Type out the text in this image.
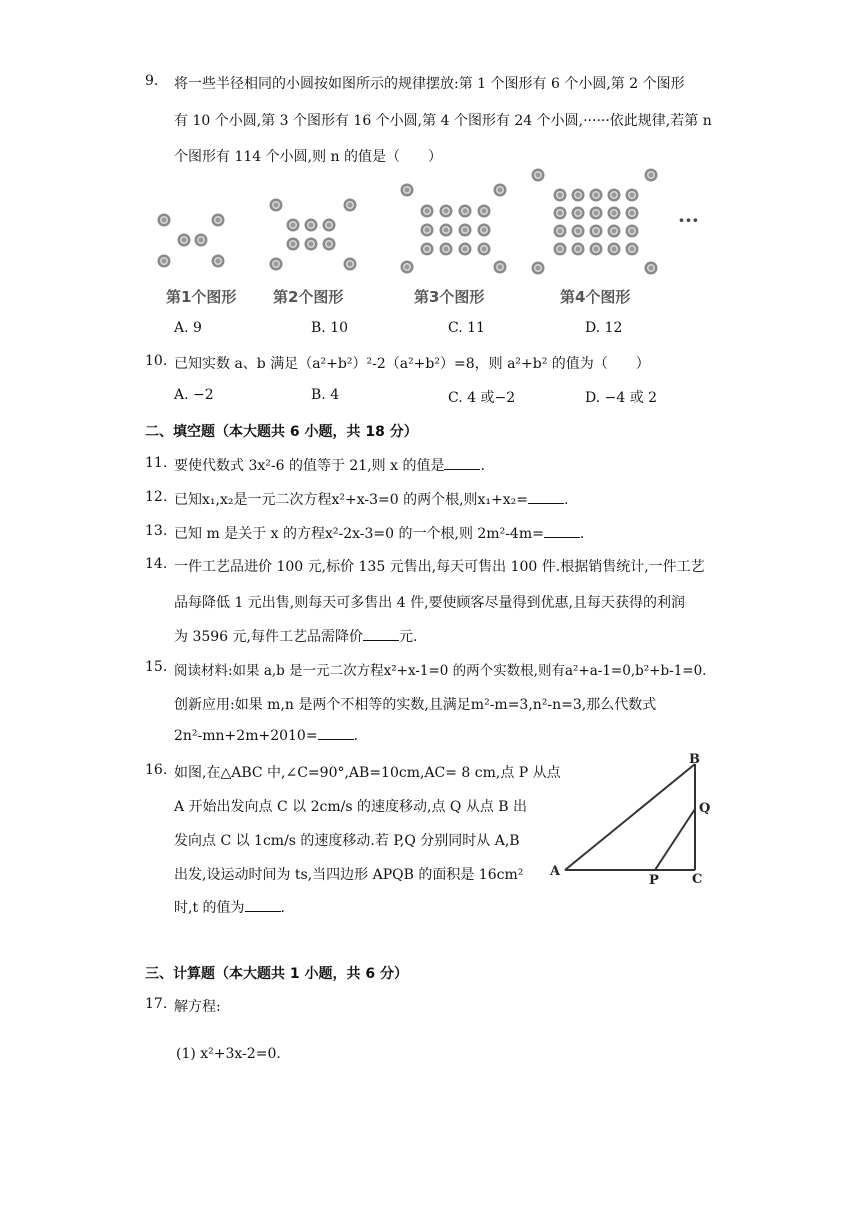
9. 将一些半径相同的小圆按如图所示的规律摆放:第 1 个图形有 6 个小圆,第 2 个图形
有 10 个小圆,第 3 个图形有 16 个小圆,第 4 个图形有 24 个小圆,······依此规律,若第 n
个图形有 114 个小圆,则 n 的值是（　　）
···
第1个图形 第2个图形	第3个图形	第4个图形
A. 9	B. 10	C. 11	D. 12
10. 已知实数 a、b 满足（a²+b²）²-2（a²+b²）=8，则 a²+b² 的值为（　　）
A. −2	B. 4	C. 4 或−2	D. −4 或 2
二、填空题（本大题共 6 小题，共 18 分）
11. 要使代数式 3x²-6 的值等于 21,则 x 的值是	.
12. 已知x₁,x₂是一元二次方程x²+x-3=0 的两个根,则x₁+x₂=	.
13. 已知 m 是关于 x 的方程x²-2x-3=0 的一个根,则 2m²-4m=	.
14. 一件工艺品进价 100 元,标价 135 元售出,每天可售出 100 件.根据销售统计,一件工艺
品每降低 1 元出售,则每天可多售出 4 件,要使顾客尽量得到优惠,且每天获得的利润
为 3596 元,每件工艺品需降价	元.
15. 阅读材料:如果 a,b 是一元二次方程x²+x-1=0 的两个实数根,则有a²+a-1=0,b²+b-1=0.
创新应用:如果 m,n 是两个不相等的实数,且满足m²-m=3,n²-n=3,那么代数式
2n²-mn+2m+2010=	.
16. 如图,在△ABC 中,∠C=90°,AB=10cm,AC= 8 cm,点 P 从点
A 开始出发向点 C 以 2cm/s 的速度移动,点 Q 从点 B 出
发向点 C 以 1cm/s 的速度移动.若 P,Q 分别同时从 A,B
出发,设运动时间为 ts,当四边形 APQB 的面积是 16cm²
时,t 的值为	.
A
B
C
P
Q
三、计算题（本大题共 1 小题，共 6 分）
17. 解方程:
(1) x²+3x-2=0.
